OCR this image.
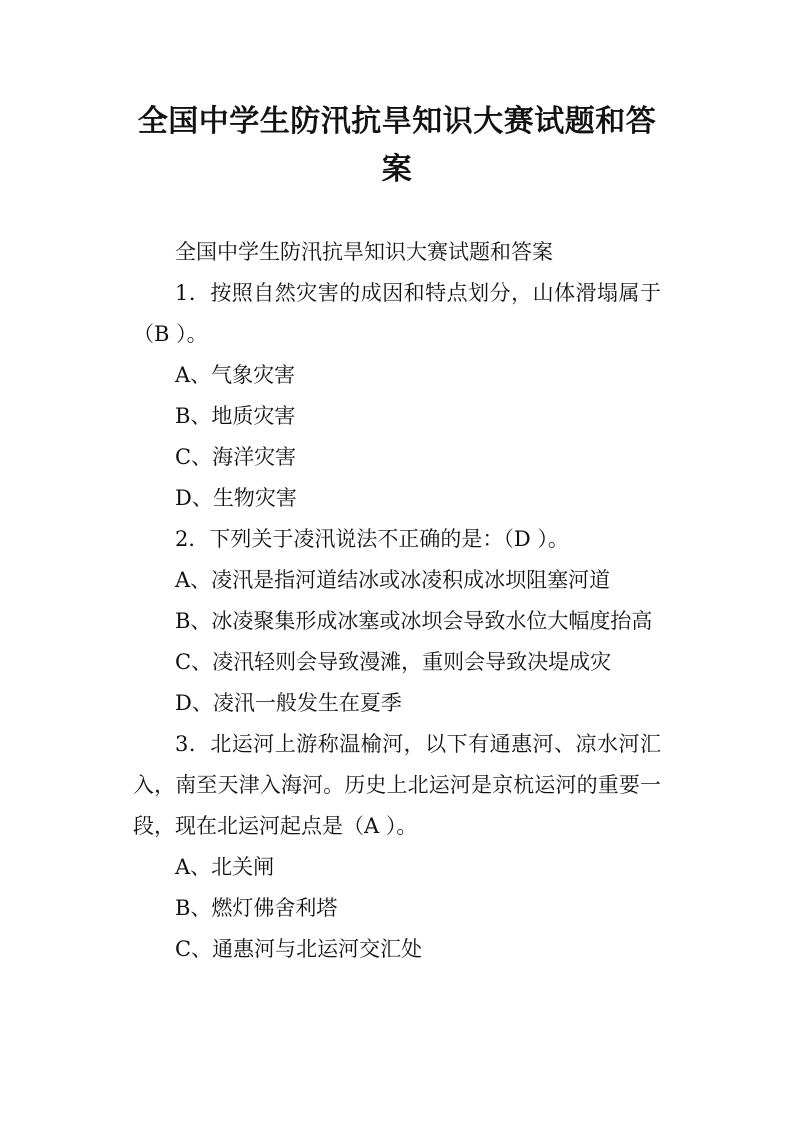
全国中学生防汛抗旱知识大赛试题和答案

全国中学生防汛抗旱知识大赛试题和答案

1．按照自然灾害的成因和特点划分，山体滑塌属于（B ）。

A、气象灾害

B、地质灾害

C、海洋灾害

D、生物灾害

2．下列关于凌汛说法不正确的是：（D ）。

A、凌汛是指河道结冰或冰凌积成冰坝阻塞河道

B、冰凌聚集形成冰塞或冰坝会导致水位大幅度抬高

C、凌汛轻则会导致漫滩，重则会导致决堤成灾

D、凌汛一般发生在夏季

3．北运河上游称温榆河，以下有通惠河、凉水河汇入，南至天津入海河。历史上北运河是京杭运河的重要一段，现在北运河起点是（A ）。

A、北关闸

B、燃灯佛舍利塔

C、通惠河与北运河交汇处
